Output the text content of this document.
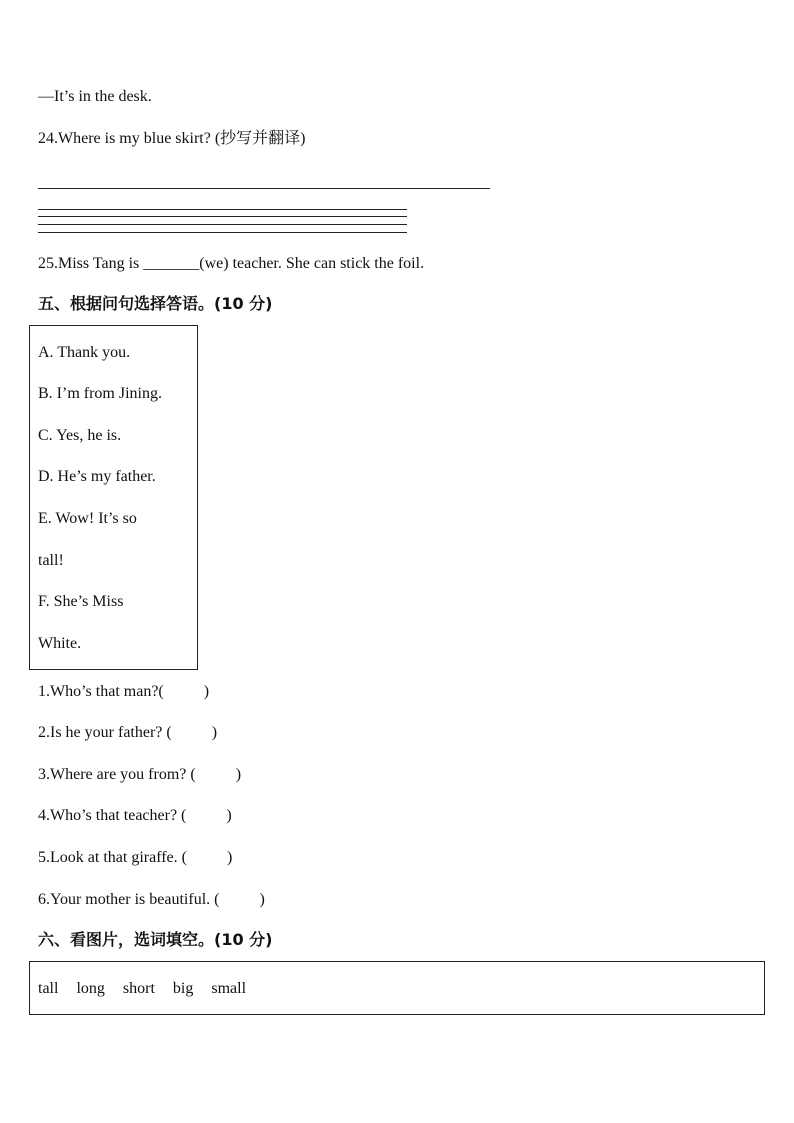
—It’s in the desk.
24.Where is my blue skirt? (抄写并翻译)
25.Miss Tang is _______(we) teacher. She can stick the foil.
五、根据问句选择答语。(10 分)
A. Thank you.
B. I’m from Jining.
C. Yes, he is.
D. He’s my father.
E. Wow! It’s so
tall!
F. She’s Miss
White.
1.Who’s that man?(          )
2.Is he your father? (          )
3.Where are you from? (          )
4.Who’s that teacher? (          )
5.Look at that giraffe. (          )
6.Your mother is beautiful. (          )
六、看图片，选词填空。(10 分)
tall long short big small
